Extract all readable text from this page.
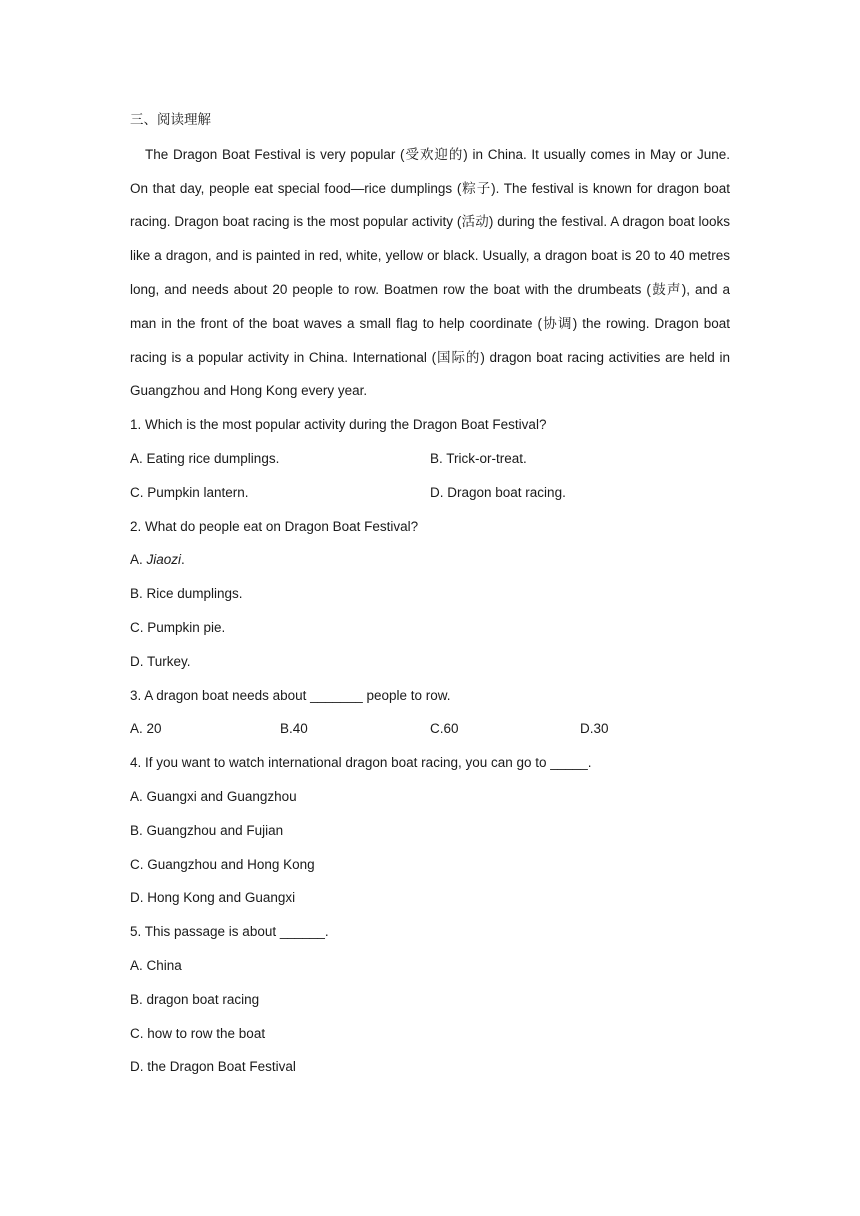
三、阅读理解

The Dragon Boat Festival is very popular (受欢迎的) in China. It usually comes in May or June. On that day, people eat special food—rice dumplings (粽子). The festival is known for dragon boat racing. Dragon boat racing is the most popular activity (活动) during the festival. A dragon boat looks like a dragon, and is painted in red, white, yellow or black. Usually, a dragon boat is 20 to 40 metres long, and needs about 20 people to row. Boatmen row the boat with the drumbeats (鼓声), and a man in the front of the boat waves a small flag to help coordinate (协调) the rowing. Dragon boat racing is a popular activity in China. International (国际的) dragon boat racing activities are held in Guangzhou and Hong Kong every year.

1. Which is the most popular activity during the Dragon Boat Festival?
A. Eating rice dumplings.	B. Trick-or-treat.
C. Pumpkin lantern.	D. Dragon boat racing.
2. What do people eat on Dragon Boat Festival?
A. Jiaozi.
B. Rice dumplings.
C. Pumpkin pie.
D. Turkey.
3. A dragon boat needs about _______ people to row.
A. 20	B.40	C.60	D.30
4. If you want to watch international dragon boat racing, you can go to _____.
A. Guangxi and Guangzhou
B. Guangzhou and Fujian
C. Guangzhou and Hong Kong
D. Hong Kong and Guangxi
5. This passage is about ______.
A. China
B. dragon boat racing
C. how to row the boat
D. the Dragon Boat Festival
